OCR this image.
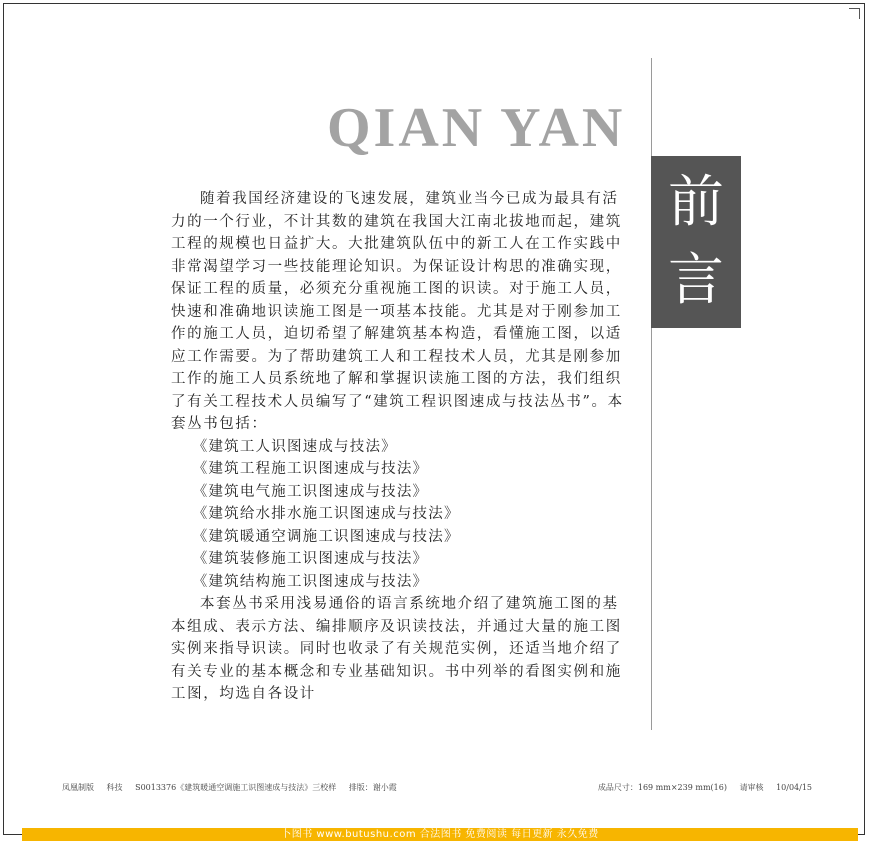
QIAN YAN
前
言

随着我国经济建设的飞速发展，建筑业当今已成为最具有活力的一个行业，不计其数的建筑在我国大江南北拔地而起，建筑工程的规模也日益扩大。大批建筑队伍中的新工人在工作实践中非常渴望学习一些技能理论知识。为保证设计构思的准确实现，保证工程的质量，必须充分重视施工图的识读。对于施工人员，快速和准确地识读施工图是一项基本技能。尤其是对于刚参加工作的施工人员，迫切希望了解建筑基本构造，看懂施工图，以适应工作需要。为了帮助建筑工人和工程技术人员，尤其是刚参加工作的施工人员系统地了解和掌握识读施工图的方法，我们组织了有关工程技术人员编写了“建筑工程识图速成与技法丛书”。本套丛书包括：

《建筑工人识图速成与技法》

《建筑工程施工识图速成与技法》

《建筑电气施工识图速成与技法》

《建筑给水排水施工识图速成与技法》

《建筑暖通空调施工识图速成与技法》

《建筑装修施工识图速成与技法》

《建筑结构施工识图速成与技法》

本套丛书采用浅易通俗的语言系统地介绍了建筑施工图的基本组成、表示方法、编排顺序及识读技法，并通过大量的施工图实例来指导识读。同时也收录了有关规范实例，还适当地介绍了有关专业的基本概念和专业基础知识。书中列举的看图实例和施工图，均选自各设计

凤凰制版 科技 S0013376《建筑暖通空调施工识图速成与技法》三校样 排版：谢小霞	成品尺寸：169 mm×239 mm(16) 请审核 10/04/15
卜图书 www.butushu.com 合法图书 免费阅读 每日更新 永久免费
